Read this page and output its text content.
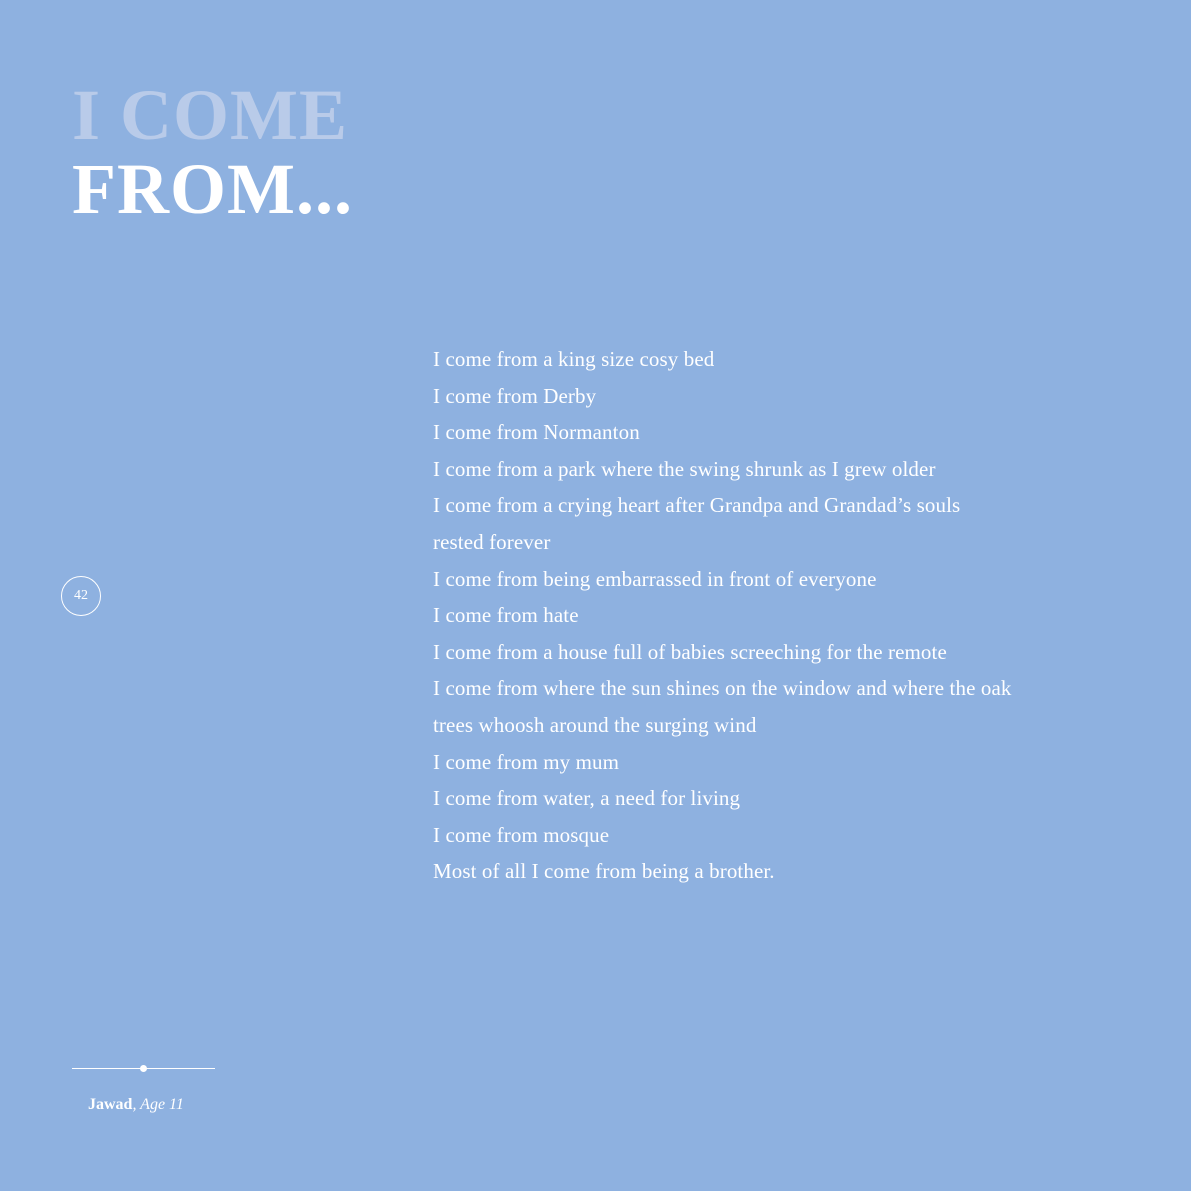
I COME
FROM...
42
I come from a king size cosy bed
I come from Derby
I come from Normanton
I come from a park where the swing shrunk as I grew older
I come from a crying heart after Grandpa and Grandad’s souls rested forever
I come from being embarrassed in front of everyone
I come from hate
I come from a house full of babies screeching for the remote
I come from where the sun shines on the window and where the oak trees whoosh around the surging wind
I come from my mum
I come from water, a need for living
I come from mosque
Most of all I come from being a brother.
Jawad, Age 11
